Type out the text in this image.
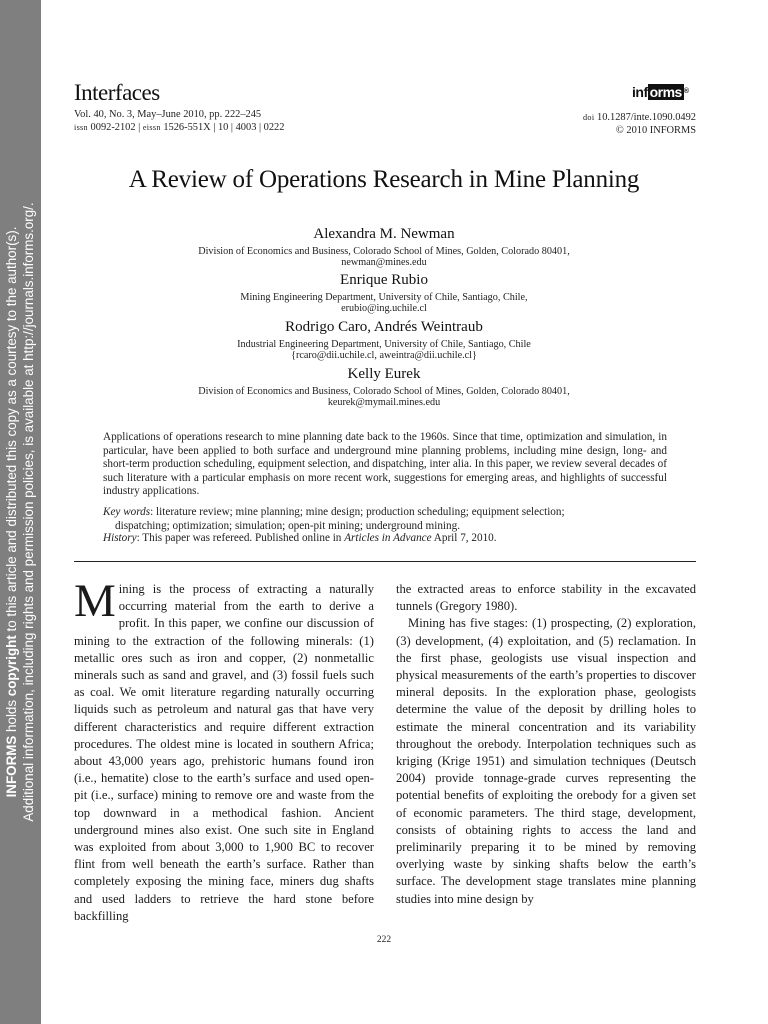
INFORMS holds copyright to this article and distributed this copy as a courtesy to the author(s). Additional information, including rights and permission policies, is available at http://journals.informs.org/.
Interfaces
Vol. 40, No. 3, May–June 2010, pp. 222–245
issn 0092-2102 | eissn 1526-551X | 10 | 4003 | 0222
inf orms ®
doi 10.1287/inte.1090.0492
© 2010 INFORMS
A Review of Operations Research in Mine Planning
Alexandra M. Newman
Division of Economics and Business, Colorado School of Mines, Golden, Colorado 80401,
newman@mines.edu
Enrique Rubio
Mining Engineering Department, University of Chile, Santiago, Chile,
erubio@ing.uchile.cl
Rodrigo Caro, Andrés Weintraub
Industrial Engineering Department, University of Chile, Santiago, Chile
{rcaro@dii.uchile.cl, aweintra@dii.uchile.cl}
Kelly Eurek
Division of Economics and Business, Colorado School of Mines, Golden, Colorado 80401,
keurek@mymail.mines.edu
Applications of operations research to mine planning date back to the 1960s. Since that time, optimization and simulation, in particular, have been applied to both surface and underground mine planning problems, including mine design, long- and short-term production scheduling, equipment selection, and dispatching, inter alia. In this paper, we review several decades of such literature with a particular emphasis on more recent work, suggestions for emerging areas, and highlights of successful industry applications.
Key words: literature review; mine planning; mine design; production scheduling; equipment selection;
dispatching; optimization; simulation; open-pit mining; underground mining.
History: This paper was refereed. Published online in Articles in Advance April 7, 2010.

Mining is the process of extracting a naturally occurring material from the earth to derive a profit. In this paper, we confine our discussion of mining to the extraction of the following minerals: (1) metallic ores such as iron and copper, (2) nonmetallic minerals such as sand and gravel, and (3) fossil fuels such as coal. We omit literature regarding naturally occurring liquids such as petroleum and natural gas that have very different characteristics and require different extraction procedures. The oldest mine is located in southern Africa; about 43,000 years ago, prehistoric humans found iron (i.e., hematite) close to the earth’s surface and used open-pit (i.e., surface) mining to remove ore and waste from the top downward in a methodical fashion. Ancient underground mines also exist. One such site in England was exploited from about 3,000 to 1,900 BC to recover flint from well beneath the earth’s surface. Rather than completely exposing the mining face, miners dug shafts and used ladders to retrieve the hard stone before backfilling

the extracted areas to enforce stability in the excavated tunnels (Gregory 1980).

Mining has five stages: (1) prospecting, (2) exploration, (3) development, (4) exploitation, and (5) reclamation. In the first phase, geologists use visual inspection and physical measurements of the earth’s properties to discover mineral deposits. In the exploration phase, geologists determine the value of the deposit by drilling holes to estimate the mineral concentration and its variability throughout the orebody. Interpolation techniques such as kriging (Krige 1951) and simulation techniques (Deutsch 2004) provide tonnage-grade curves representing the potential benefits of exploiting the orebody for a given set of economic parameters. The third stage, development, consists of obtaining rights to access the land and preliminarily preparing it to be mined by removing overlying waste by sinking shafts below the earth’s surface. The development stage translates mine planning studies into mine design by

222
